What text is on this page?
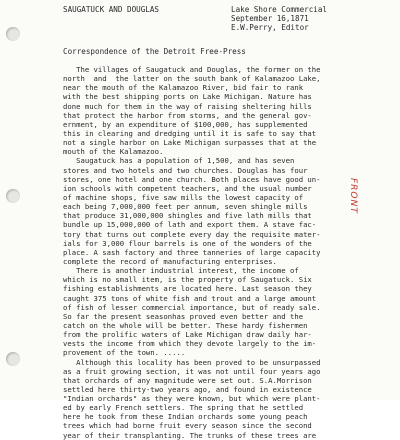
SAUGATUCK AND DOUGLAS	Lake Shore Commercial
September 16,1871
E.W.Perry, Editor
Correspondence of the Detroit Free-Press
The villages of Saugatuck and Douglas, the former on the
north  and  the latter on the south bank of Kalamazoo Lake,
near the mouth of the Kalamazoo River, bid fair to rank
with the best shipping ports on Lake Michigan. Nature has
done much for them in the way of raising sheltering hills
that protect the harbor from storms, and the general gov-
ernment, by an expenditure of $100,000, has supplemented
this in clearing and dredging until it is safe to say that
not a single harbor on Lake Michigan surpasses that at the
mouth of the Kalamazoo.
Saugatuck has a population of 1,500, and has seven
stores and two hotels and two churches. Douglas has four
stores, one hotel and one church. Both places have good un-
ion schools with competent teachers, and the usual number
of machine shops, five saw mills the lowest capacity of
each being 7,000,000 feet per annum, seven shingle mills
that produce 31,000,000 shingles and five lath mills that
bundle up 15,000,000 of lath and export them. A stave fac-
tory that turns out complete every day the requisite mater-
ials for 3,000 flour barrels is one of the wonders of the
place. A sash factory and three tanneries of large capacity
complete the record of manufacturing enterprises.
There is another industrial interest, the income of
which is no small item, is the property of Saugatuck. Six
fishing establishments are located here. Last season they
caught 375 tons of white fish and trout and a large amount
of fish of lesser commercial importance, but of ready sale.
So far the present seasonhas proved even better and the
catch on the whole will be better. These hardy fishermen
from the prolific waters of Lake Michigan draw daily har-
vests the income from which they devote largely to the im-
provement of the town. .....
Although this locality has been proved to be unsurpassed
as a fruit growing section, it was not until four years ago
that orchards of any magnitude were set out. S.A.Morrison
settled here thirty-two years ago, and found in existence
"Indian orchards" as they were known, but which were plant-
ed by early French settlers. The spring that he settled
here he took from these Indian orchards some young peach
trees which had borne fruit every season since the second
year of their transplanting. The trunks of these trees are
FRONT
